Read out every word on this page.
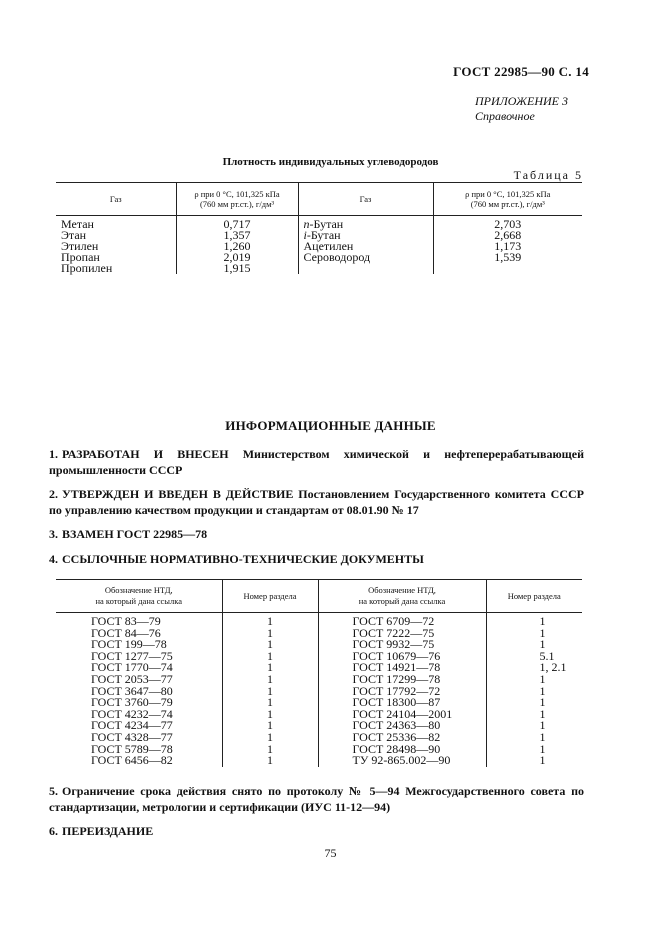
ГОСТ 22985—90 С. 14
ПРИЛОЖЕНИЕ 3
Справочное
Плотность индивидуальных углеводородов
Таблица 5
Газ	ρ при 0 °С, 101,325 кПа
(760 мм рт.ст.), г/дм³	Газ	ρ при 0 °С, 101,325 кПа
(760 мм рт.ст.), г/дм³
Метан	0,717	n-Бутан	2,703
Этан	1,357	i-Бутан	2,668
Этилен	1,260	Ацетилен	1,173
Пропан	2,019	Сероводород	1,539
Пропилен	1,915		
ИНФОРМАЦИОННЫЕ ДАННЫЕ
1. РАЗРАБОТАН И ВНЕСЕН Министерством химической и нефтеперерабатывающей промышленности СССР
2. УТВЕРЖДЕН И ВВЕДЕН В ДЕЙСТВИЕ Постановлением Государственного комитета СССР по управлению качеством продукции и стандартам от 08.01.90 № 17
3. ВЗАМЕН ГОСТ 22985—78
4. ССЫЛОЧНЫЕ НОРМАТИВНО-ТЕХНИЧЕСКИЕ ДОКУМЕНТЫ
Обозначение НТД,
на который дана ссылка	Номер раздела	Обозначение НТД,
на который дана ссылка	Номер раздела
ГОСТ 83—79	1	ГОСТ 6709—72	1
ГОСТ 84—76	1	ГОСТ 7222—75	1
ГОСТ 199—78	1	ГОСТ 9932—75	1
ГОСТ 1277—75	1	ГОСТ 10679—76	5.1
ГОСТ 1770—74	1	ГОСТ 14921—78	1, 2.1
ГОСТ 2053—77	1	ГОСТ 17299—78	1
ГОСТ 3647—80	1	ГОСТ 17792—72	1
ГОСТ 3760—79	1	ГОСТ 18300—87	1
ГОСТ 4232—74	1	ГОСТ 24104—2001	1
ГОСТ 4234—77	1	ГОСТ 24363—80	1
ГОСТ 4328—77	1	ГОСТ 25336—82	1
ГОСТ 5789—78	1	ГОСТ 28498—90	1
ГОСТ 6456—82	1	ТУ 92-865.002—90	1
5. Ограничение срока действия снято по протоколу № 5—94 Межгосударственного совета по стандартизации, метрологии и сертификации (ИУС 11-12—94)
6. ПЕРЕИЗДАНИЕ
75
